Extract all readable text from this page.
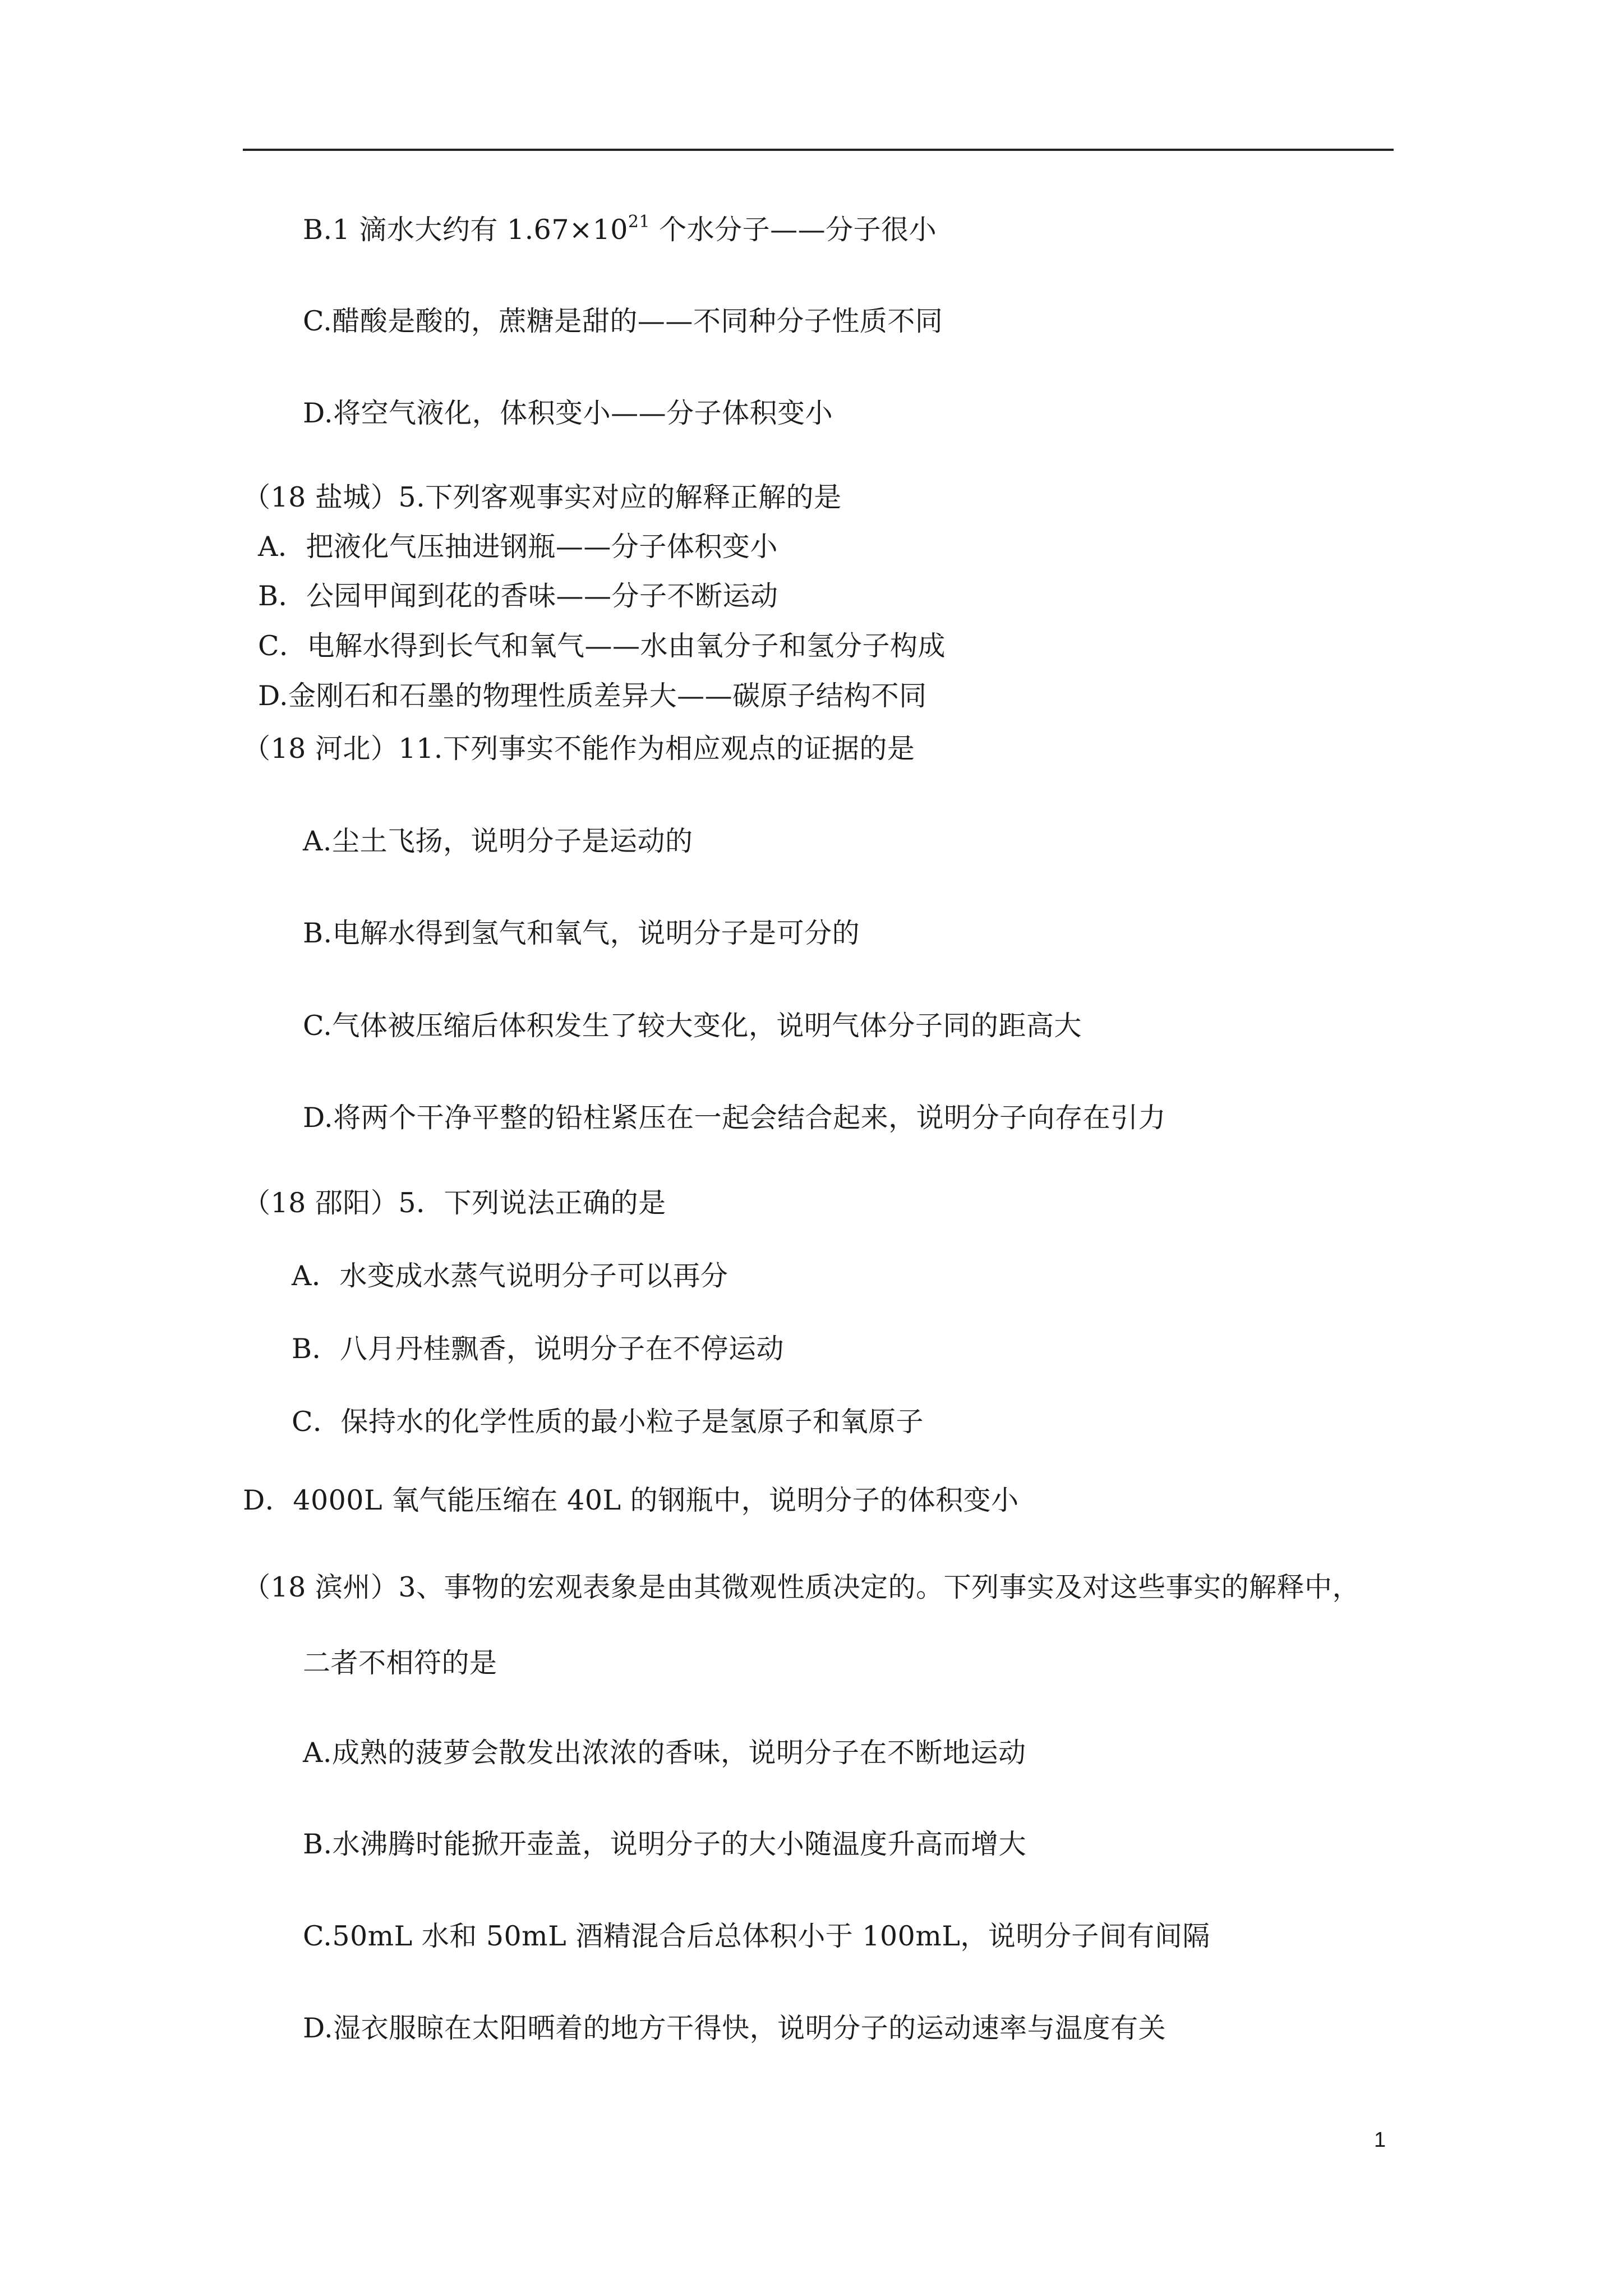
B.1 滴水大约有 $1.67\times 10^{21}$ 个水分子——分子很小
C.醋酸是酸的，蔗糖是甜的——不同种分子性质不同
D.将空气液化，体积变小——分子体积变小
（18 盐城）5.下列客观事实对应的解释正解的是
A．把液化气压抽进钢瓶——分子体积变小
B．公园甲闻到花的香味——分子不断运动
C．电解水得到长气和氧气——水由氧分子和氢分子构成
D.金刚石和石墨的物理性质差异大——碳原子结构不同
（18 河北）11.下列事实不能作为相应观点的证据的是
A.尘土飞扬，说明分子是运动的
B.电解水得到氢气和氧气，说明分子是可分的
C.气体被压缩后体积发生了较大变化，说明气体分子同的距高大
D.将两个干净平整的铅柱紧压在一起会结合起来，说明分子向存在引力
（18 邵阳）5．下列说法正确的是
A．水变成水蒸气说明分子可以再分
B．八月丹桂飘香，说明分子在不停运动
C．保持水的化学性质的最小粒子是氢原子和氧原子
D．4000L 氧气能压缩在 40L 的钢瓶中，说明分子的体积变小
（18 滨州）3、事物的宏观表象是由其微观性质决定的。下列事实及对这些事实的解释中，
二者不相符的是
A.成熟的菠萝会散发出浓浓的香味，说明分子在不断地运动
B.水沸腾时能掀开壶盖，说明分子的大小随温度升高而增大
C.50mL 水和 50mL 酒精混合后总体积小于 100mL，说明分子间有间隔
D.湿衣服晾在太阳晒着的地方干得快，说明分子的运动速率与温度有关
1
